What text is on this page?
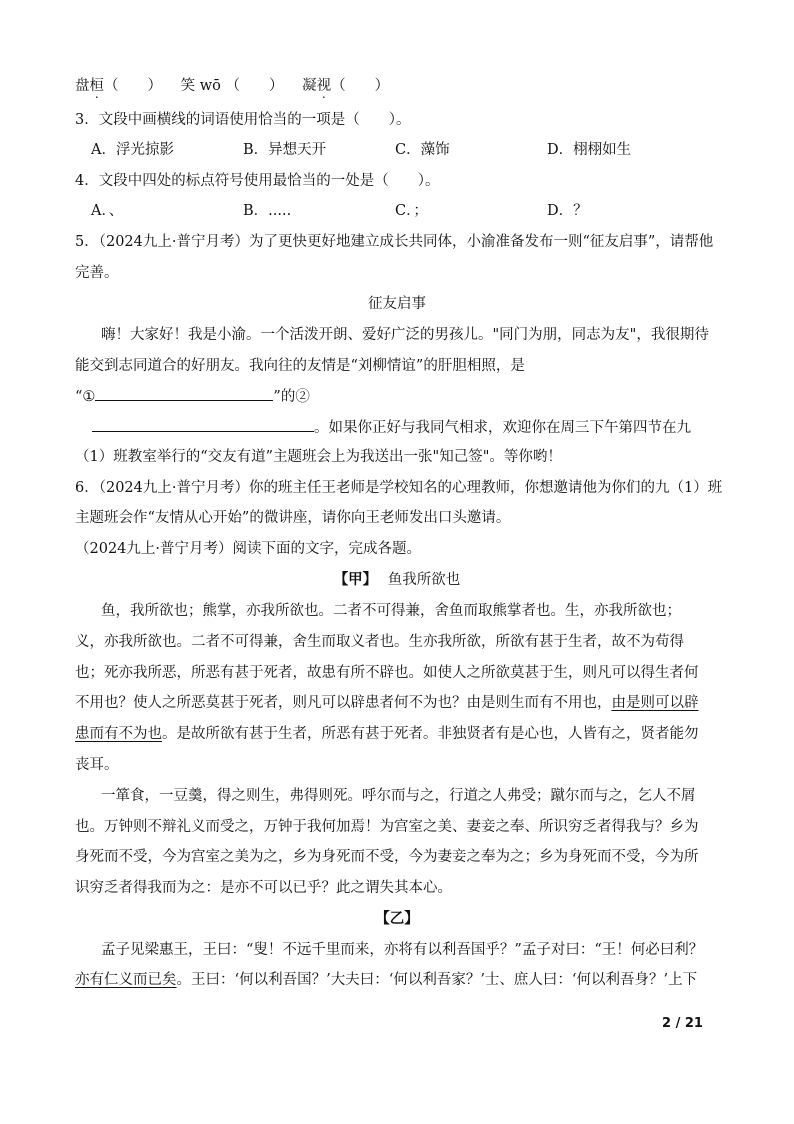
盘桓（　　） 笑 wō （　　） 凝视（　　）
3．文段中画横线的词语使用恰当的一项是（　　）。
A．浮光掠影	B．异想天开	C．藻饰	D．栩栩如生
4．文段中四处的标点符号使用最恰当的一处是（　　）。
A．、	B．.....	C．；	D．？
5．（2024九上·普宁月考）为了更快更好地建立成长共同体，小渝准备发布一则“征友启事”，请帮他
完善。
征友启事
嗨！大家好！我是小渝。一个活泼开朗、爱好广泛的男孩儿。"同门为朋，同志为友"，我很期待
能交到志同道合的好朋友。我向往的友情是“刘柳情谊”的肝胆相照，是
“①	”的②
。如果你正好与我同气相求，欢迎你在周三下午第四节在九
（1）班教室举行的“交友有道”主题班会上为我送出一张"知己签"。等你哟！
6．（2024九上·普宁月考）你的班主任王老师是学校知名的心理教师，你想邀请他为你们的九（1）班
主题班会作“友情从心开始”的微讲座，请你向王老师发出口头邀请。
（2024九上·普宁月考）阅读下面的文字，完成各题。
【甲】 鱼我所欲也
鱼，我所欲也；熊掌，亦我所欲也。二者不可得兼，舍鱼而取熊掌者也。生，亦我所欲也；
义，亦我所欲也。二者不可得兼，舍生而取义者也。生亦我所欲，所欲有甚于生者，故不为苟得
也；死亦我所恶，所恶有甚于死者，故患有所不辟也。如使人之所欲莫甚于生，则凡可以得生者何
不用也？使人之所恶莫甚于死者，则凡可以辟患者何不为也？由是则生而有不用也，由是则可以辟
患而有不为也。是故所欲有甚于生者，所恶有甚于死者。非独贤者有是心也，人皆有之，贤者能勿
丧耳。
一箪食，一豆羹，得之则生，弗得则死。呼尔而与之，行道之人弗受；蹴尔而与之，乞人不屑
也。万钟则不辩礼义而受之，万钟于我何加焉！为宫室之美、妻妾之奉、所识穷乏者得我与？乡为
身死而不受，今为宫室之美为之，乡为身死而不受，今为妻妾之奉为之；乡为身死而不受，今为所
识穷乏者得我而为之：是亦不可以已乎？此之谓失其本心。
【乙】
孟子见梁惠王，王曰：“叟！不远千里而来，亦将有以利吾国乎？”孟子对曰：“王！何必曰利？
亦有仁义而已矣。王曰：‘何以利吾国？’大夫曰：‘何以利吾家？’士、庶人曰：‘何以利吾身？’上下
2 / 21
